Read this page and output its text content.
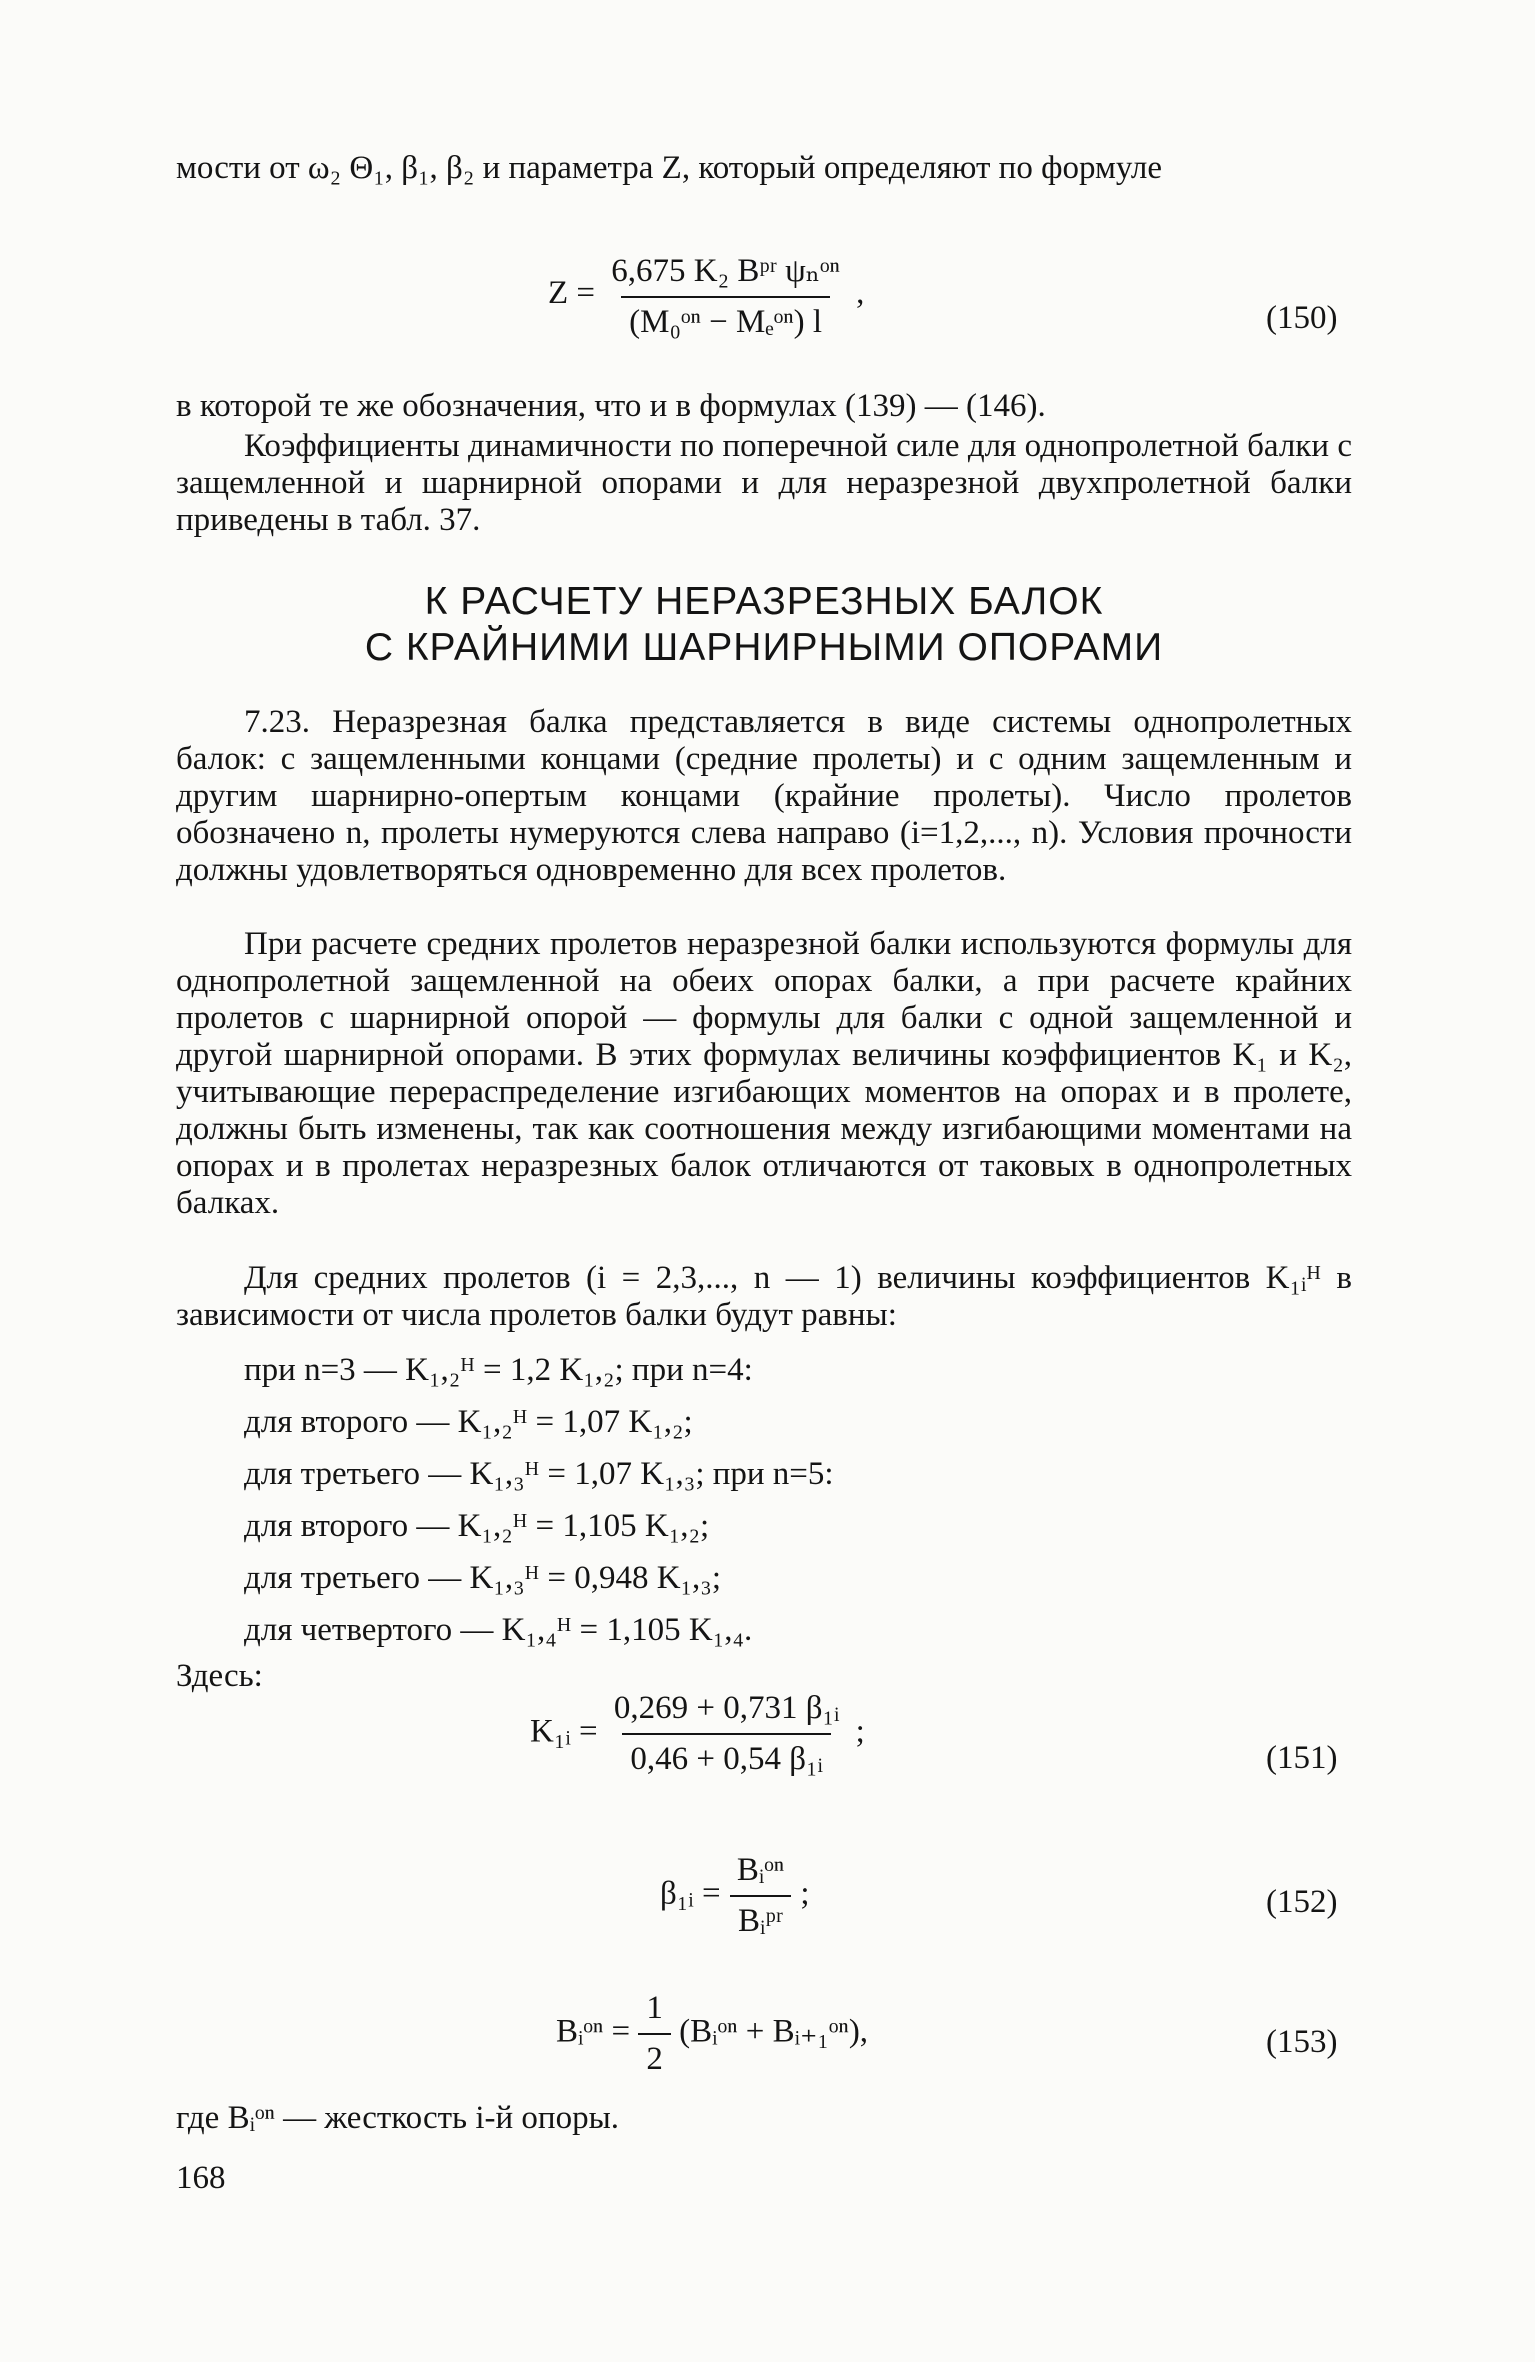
мости от ω₂ Θ₁, β₁, β₂ и параметра Z, который определяют по формуле
$Z = \frac{\text{6,675 K₂ Bᵖʳ ψₙᵒⁿ}}{\text{(M₀ᵒⁿ − Mₑᵒⁿ) l}}$ ,
(150)
в которой те же обозначения, что и в формулах (139) — (146).
Коэффициенты динамичности по поперечной силе для однопролетной балки с защемленной и шарнирной опорами и для неразрезной двухпролетной балки приведены в табл. 37.
К РАСЧЕТУ НЕРАЗРЕЗНЫХ БАЛОК
С КРАЙНИМИ ШАРНИРНЫМИ ОПОРАМИ
7.23. Неразрезная балка представляется в виде системы однопролетных балок: с защемленными концами (средние пролеты) и с одним защемленным и другим шарнирно-опертым концами (крайние пролеты). Число пролетов обозначено n, пролеты нумеруются слева направо (i=1,2,..., n). Условия прочности должны удовлетворяться одновременно для всех пролетов.
При расчете средних пролетов неразрезной балки используются формулы для однопролетной защемленной на обеих опорах балки, а при расчете крайних пролетов с шарнирной опорой — формулы для балки с одной защемленной и другой шарнирной опорами. В этих формулах величины коэффициентов K₁ и K₂, учитывающие перераспределение изгибающих моментов на опорах и в пролете, должны быть изменены, так как соотношения между изгибающими моментами на опорах и в пролетах неразрезных балок отличаются от таковых в однопролетных балках.
Для средних пролетов (i = 2,3,..., n — 1) величины коэффициентов K₁ᵢᴴ в зависимости от числа пролетов балки будут равны:
при n=3 — K₁,₂ᴴ = 1,2 K₁,₂; при n=4:
для второго — K₁,₂ᴴ = 1,07 K₁,₂;
для третьего — K₁,₃ᴴ = 1,07 K₁,₃; при n=5:
для второго — K₁,₂ᴴ = 1,105 K₁,₂;
для третьего — K₁,₃ᴴ = 0,948 K₁,₃;
для четвертого — K₁,₄ᴴ = 1,105 K₁,₄.
Здесь:
K₁ᵢ = $\frac{\text{0,269 + 0,731 β₁ᵢ}}{\text{0,46 + 0,54 β₁ᵢ}}$ ;
(151)
β₁ᵢ = $\frac{\text{Bᵢᵒⁿ}}{\text{Bᵢᵖʳ}}$ ;	(152)
Bᵢᵒⁿ = $\frac{1}{2}$ (Bᵢᵒⁿ + Bᵢ₊₁ᵒⁿ),	(153)
где Bᵢᵒⁿ — жесткость i-й опоры.
168
